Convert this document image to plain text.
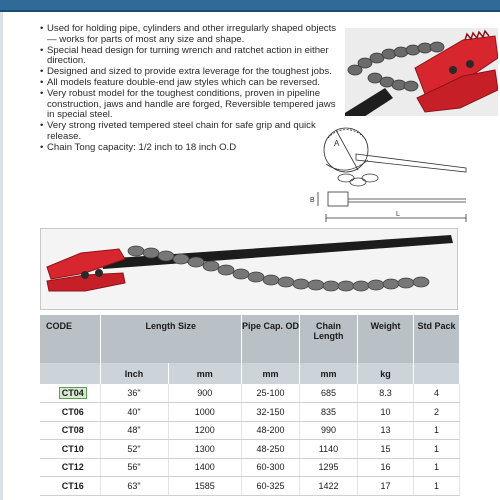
• Used for holding pipe, cylinders and other irregularly shaped objects— works for parts of most any size and shape.
• Special head design for turning wrench and ratchet action in either direction.
• Designed and sized to provide extra leverage for the toughest jobs.
• All models feature double-end jaw styles which can be reversed.
• Very robust model for the toughest conditions, proven in pipeline construction, jaws and handle are forged, Reversible tempered jaws in special steel.
• Very strong riveted tempered steel chain for safe grip and quick release.
• Chain Tong capacity: 1/2 inch to 18 inch O.D	A
B
L
CODE	Length Size		Pipe Cap. OD	Chain Length	Weight	Std Pack
	Inch	mm	mm	mm	kg	
CT04	36"	900	25-100	685	8.3	4
CT06	40"	1000	32-150	835	10	2
CT08	48"	1200	48-200	990	13	1
CT10	52"	1300	48-250	1140	15	1
CT12	56"	1400	60-300	1295	16	1
CT16	63"	1585	60-325	1422	17	1
